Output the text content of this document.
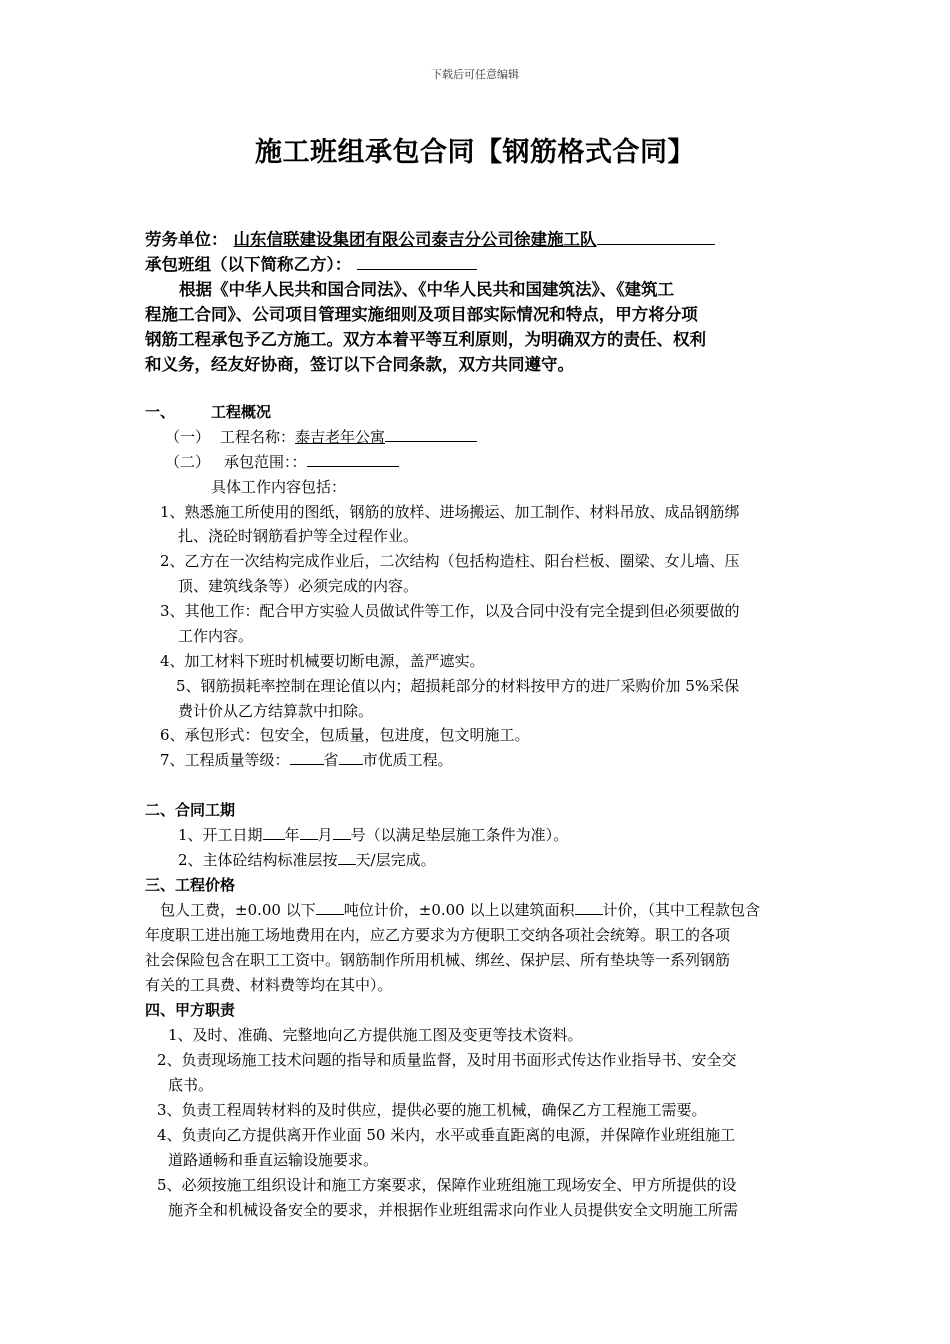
下载后可任意编辑
施工班组承包合同【钢筋格式合同】
劳务单位： 山东信联建设集团有限公司泰吉分公司徐建施工队
承包班组（以下简称乙方）：
根据《中华人民共和国合同法》、《中华人民共和国建筑法》、《建筑工
程施工合同》、公司项目管理实施细则及项目部实际情况和特点，甲方将分项
钢筋工程承包予乙方施工。双方本着平等互利原则，为明确双方的责任、权利
和义务，经友好协商，签订以下合同条款，双方共同遵守。
一、 工程概况
（一） 工程名称：泰吉老年公寓
（二） 承包范围：：
具体工作内容包括：
1、熟悉施工所使用的图纸，钢筋的放样、进场搬运、加工制作、材料吊放、成品钢筋绑
扎、浇砼时钢筋看护等全过程作业。
2、乙方在一次结构完成作业后，二次结构（包括构造柱、阳台栏板、圈梁、女儿墙、压
顶、建筑线条等）必须完成的内容。
3、其他工作：配合甲方实验人员做试件等工作，以及合同中没有完全提到但必须要做的
工作内容。
4、加工材料下班时机械要切断电源，盖严遮实。
5、钢筋损耗率控制在理论值以内；超损耗部分的材料按甲方的进厂采购价加 5%采保
费计价从乙方结算款中扣除。
6、承包形式：包安全，包质量，包进度，包文明施工。
7、工程质量等级： 省 市优质工程。
二、合同工期
1、开工日期 年 月 号（以满足垫层施工条件为准）。
2、主体砼结构标准层按 天/层完成。
三、工程价格
包人工费，±0.00 以下 吨位计价，±0.00 以上以建筑面积 计价，（其中工程款包含
年度职工进出施工场地费用在内，应乙方要求为方便职工交纳各项社会统筹。职工的各项
社会保险包含在职工工资中。钢筋制作所用机械、绑丝、保护层、所有垫块等一系列钢筋
有关的工具费、材料费等均在其中）。
四、甲方职责
1、及时、准确、完整地向乙方提供施工图及变更等技术资料。
2、负责现场施工技术问题的指导和质量监督，及时用书面形式传达作业指导书、安全交
底书。
3、负责工程周转材料的及时供应，提供必要的施工机械，确保乙方工程施工需要。
4、负责向乙方提供离开作业面 50 米内，水平或垂直距离的电源，并保障作业班组施工
道路通畅和垂直运输设施要求。
5、必须按施工组织设计和施工方案要求，保障作业班组施工现场安全、甲方所提供的设
施齐全和机械设备安全的要求，并根据作业班组需求向作业人员提供安全文明施工所需
